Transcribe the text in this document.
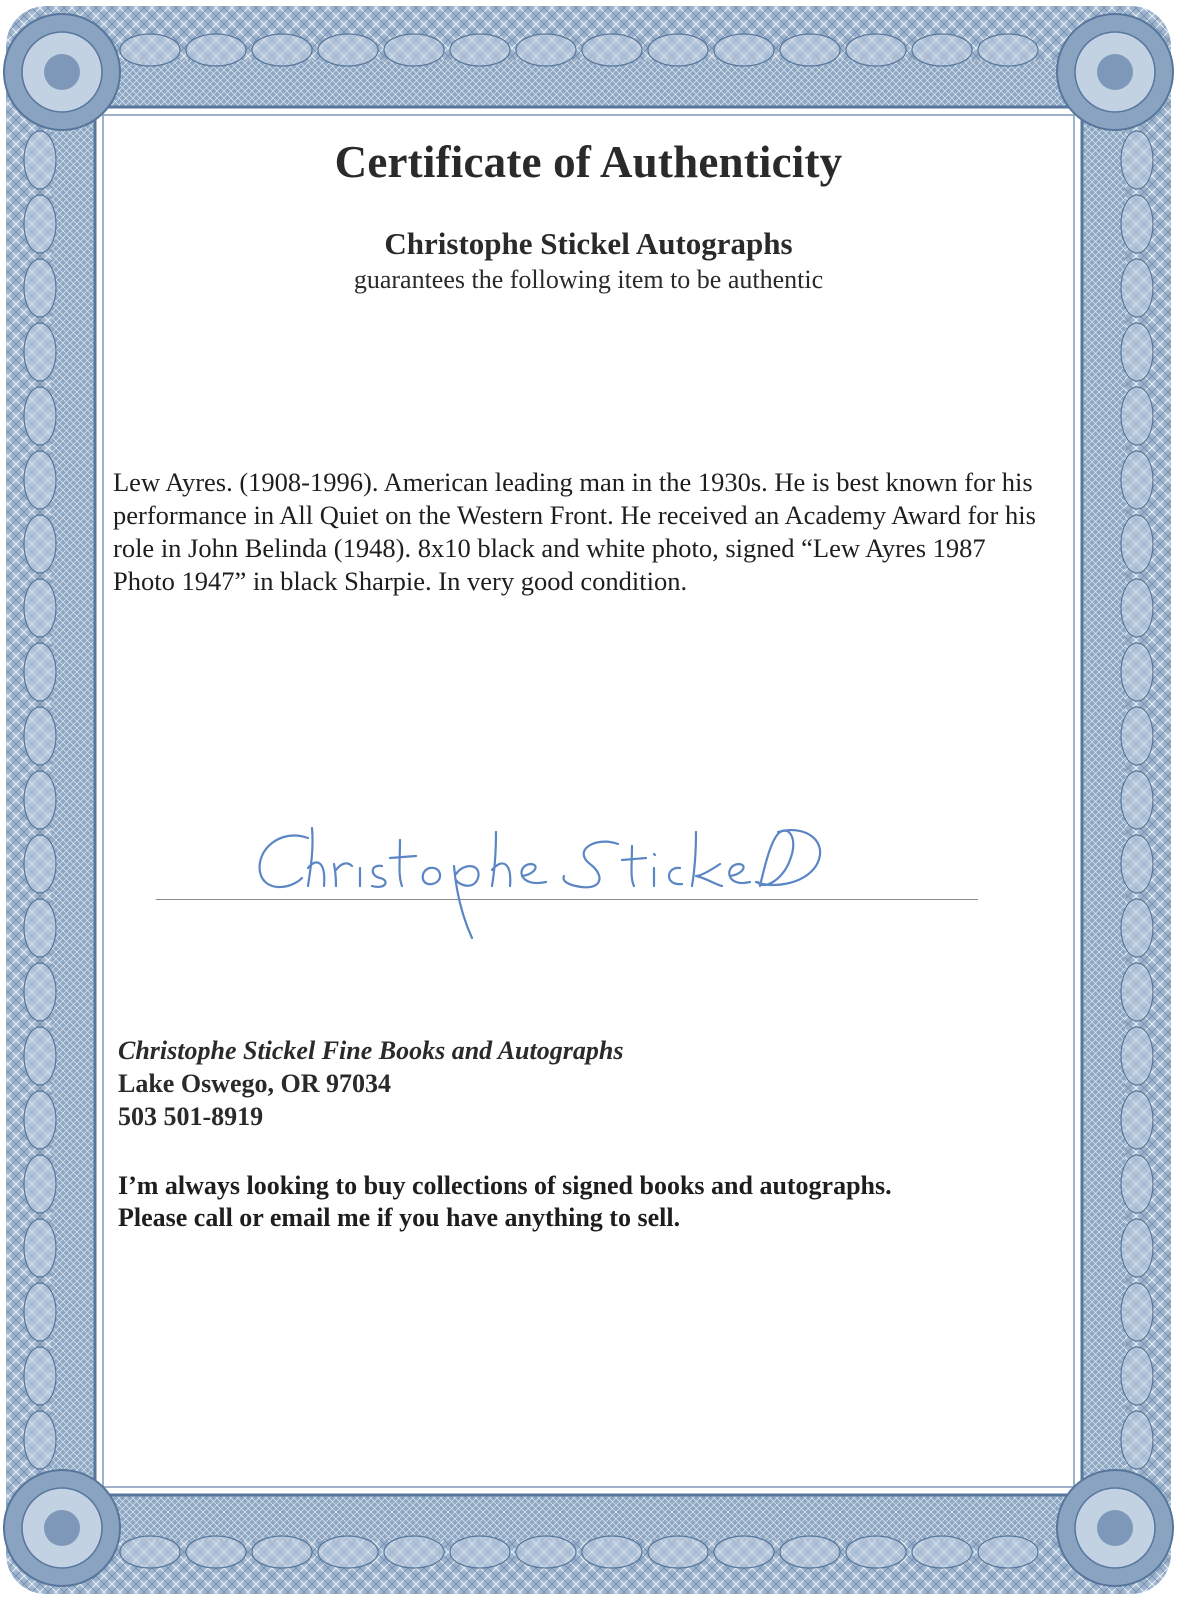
Certificate of Authenticity
Christophe Stickel Autographs
guarantees the following item to be authentic
Lew Ayres. (1908-1996). American leading man in the 1930s. He is best known for his performance in All Quiet on the Western Front. He received an Academy Award for his role in John Belinda (1948). 8x10 black and white photo, signed “Lew Ayres 1987 Photo 1947” in black Sharpie. In very good condition.
Christophe Stickel Fine Books and Autographs
Lake Oswego, OR 97034
503 501-8919
I’m always looking to buy collections of signed books and autographs.
Please call or email me if you have anything to sell.
